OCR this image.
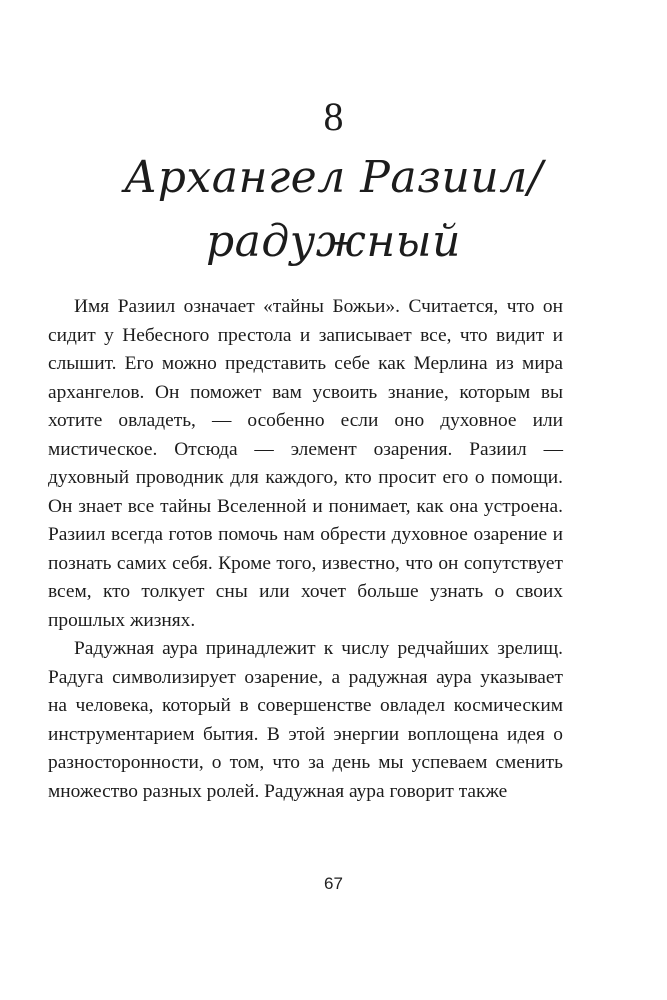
8
Архангел Разиил/
радужный

Имя Разиил означает «тайны Божьи». Считается, что он сидит у Небесного престола и записывает все, что видит и слышит. Его можно представить себе как Мерлина из мира архангелов. Он поможет вам усвоить знание, которым вы хотите овладеть, — особенно если оно духовное или мистическое. Отсюда — элемент озарения. Разиил — духовный проводник для каждого, кто просит его о помощи. Он знает все тайны Вселенной и понимает, как она устроена. Разиил всегда готов помочь нам обрести духовное озарение и познать самих себя. Кроме того, известно, что он сопутствует всем, кто толкует сны или хочет больше узнать о своих прошлых жизнях.

Радужная аура принадлежит к числу редчайших зрелищ. Радуга символизирует озарение, а радужная аура указывает на человека, который в совершенстве овладел космическим инструментарием бытия. В этой энергии воплощена идея о разносторонности, о том, что за день мы успеваем сменить множество разных ролей. Радужная аура говорит также

67
